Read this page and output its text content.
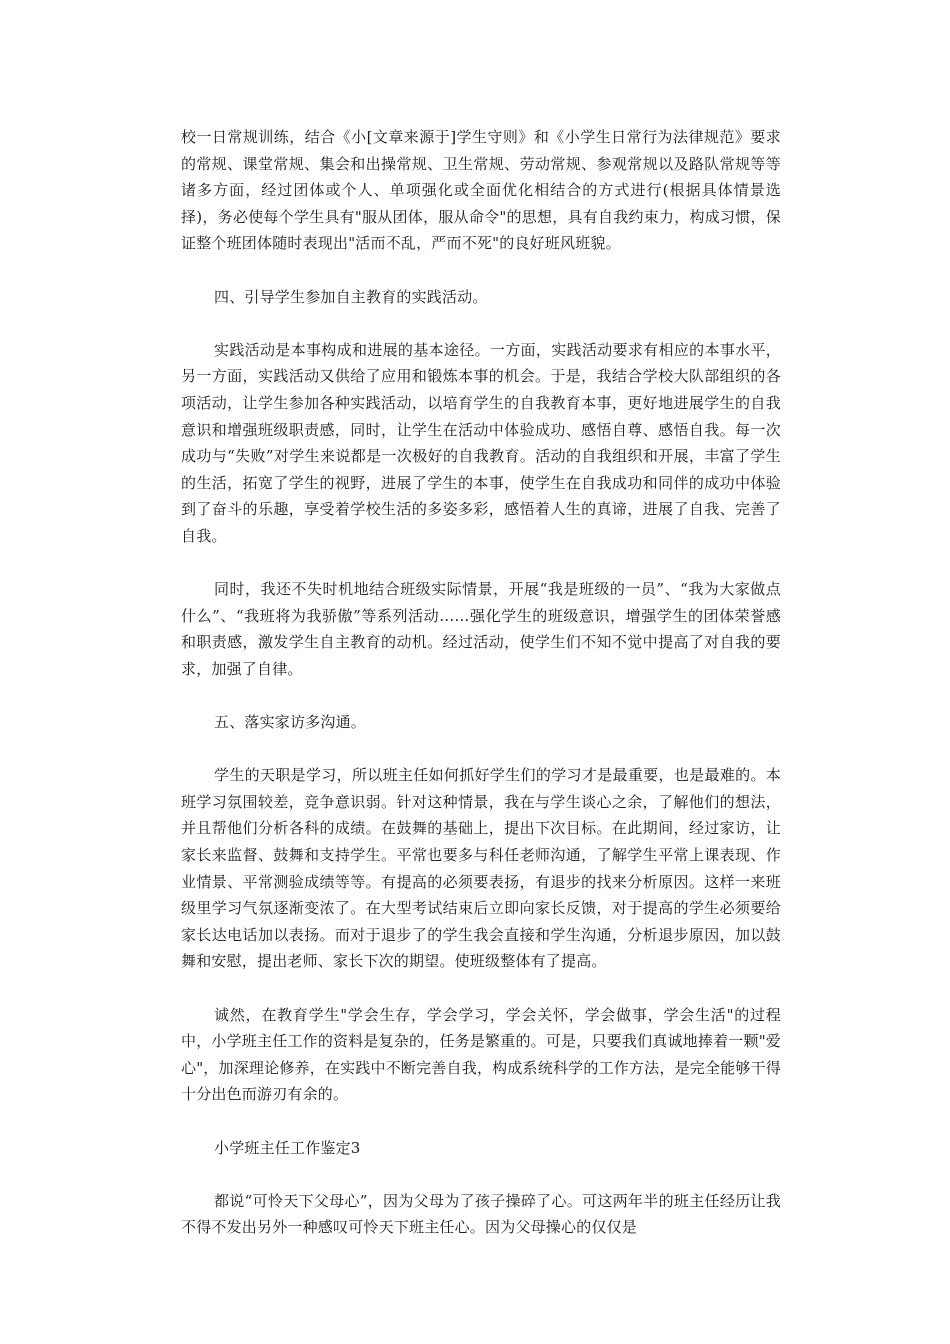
校一日常规训练，结合《小[文章来源于]学生守则》和《小学生日常行为法律规范》要求的常规、课堂常规、集会和出操常规、卫生常规、劳动常规、参观常规以及路队常规等等诸多方面，经过团体或个人、单项强化或全面优化相结合的方式进行(根据具体情景选择)，务必使每个学生具有"服从团体，服从命令"的思想，具有自我约束力，构成习惯，保证整个班团体随时表现出"活而不乱，严而不死"的良好班风班貌。

四、引导学生参加自主教育的实践活动。

实践活动是本事构成和进展的基本途径。一方面，实践活动要求有相应的本事水平，另一方面，实践活动又供给了应用和锻炼本事的机会。于是，我结合学校大队部组织的各项活动，让学生参加各种实践活动，以培育学生的自我教育本事，更好地进展学生的自我意识和增强班级职责感，同时，让学生在活动中体验成功、感悟自尊、感悟自我。每一次成功与“失败”对学生来说都是一次极好的自我教育。活动的自我组织和开展，丰富了学生的生活，拓宽了学生的视野，进展了学生的本事，使学生在自我成功和同伴的成功中体验到了奋斗的乐趣，享受着学校生活的多姿多彩，感悟着人生的真谛，进展了自我、完善了自我。

同时，我还不失时机地结合班级实际情景，开展“我是班级的一员”、“我为大家做点什么”、“我班将为我骄傲”等系列活动……强化学生的班级意识，增强学生的团体荣誉感和职责感，激发学生自主教育的动机。经过活动，使学生们不知不觉中提高了对自我的要求，加强了自律。

五、落实家访多沟通。

学生的天职是学习，所以班主任如何抓好学生们的学习才是最重要，也是最难的。本班学习氛围较差，竞争意识弱。针对这种情景，我在与学生谈心之余，了解他们的想法，并且帮他们分析各科的成绩。在鼓舞的基础上，提出下次目标。在此期间，经过家访，让家长来监督、鼓舞和支持学生。平常也要多与科任老师沟通，了解学生平常上课表现、作业情景、平常测验成绩等等。有提高的必须要表扬，有退步的找来分析原因。这样一来班级里学习气氛逐渐变浓了。在大型考试结束后立即向家长反馈，对于提高的学生必须要给家长达电话加以表扬。而对于退步了的学生我会直接和学生沟通，分析退步原因，加以鼓舞和安慰，提出老师、家长下次的期望。使班级整体有了提高。

诚然，在教育学生"学会生存，学会学习，学会关怀，学会做事，学会生活"的过程中，小学班主任工作的资料是复杂的，任务是繁重的。可是，只要我们真诚地捧着一颗"爱心"，加深理论修养，在实践中不断完善自我，构成系统科学的工作方法，是完全能够干得十分出色而游刃有余的。

小学班主任工作鉴定3

都说“可怜天下父母心”，因为父母为了孩子操碎了心。可这两年半的班主任经历让我不得不发出另外一种感叹可怜天下班主任心。因为父母操心的仅仅是
